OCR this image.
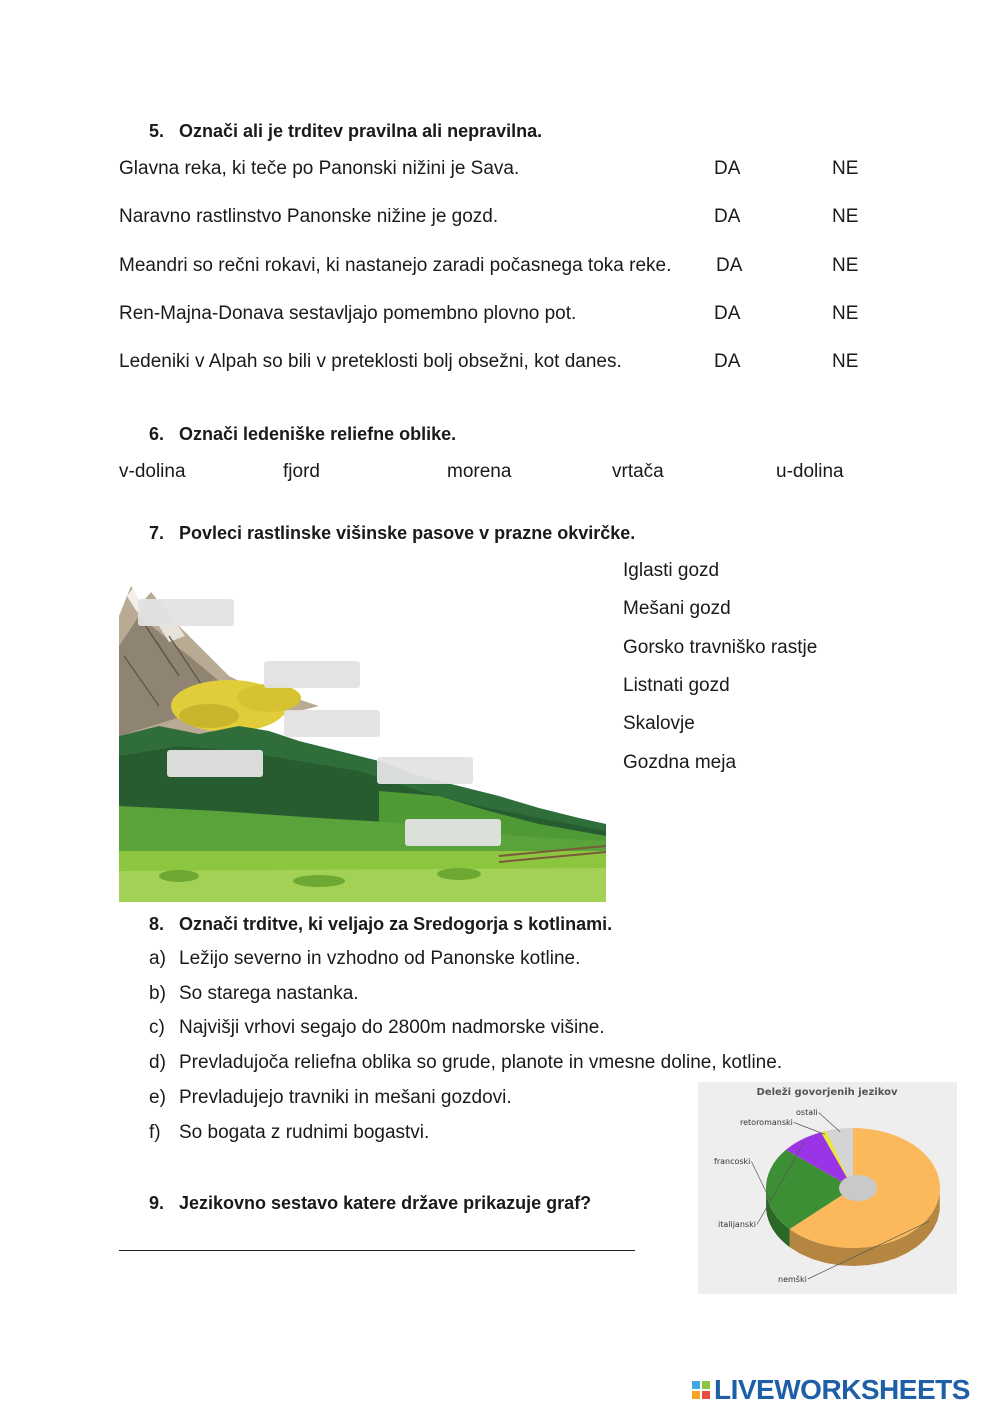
5. Označi ali je trditev pravilna ali nepravilna.
Glavna reka, ki teče po Panonski nižini je Sava.	DA	NE
Naravno rastlinstvo Panonske nižine je gozd.	DA	NE
Meandri so rečni rokavi, ki nastanejo zaradi počasnega toka reke. DA	NE
Ren-Majna-Donava sestavljajo pomembno plovno pot.	DA	NE
Ledeniki v Alpah so bili v preteklosti bolj obsežni, kot danes.	DA	NE
6. Označi ledeniške reliefne oblike.
v-dolina	fjord	morena	vrtača	u-dolina
7. Povleci rastlinske višinske pasove v prazne okvirčke.
Iglasti gozd
Mešani gozd
Gorsko travniško rastje
Listnati gozd
Skalovje
Gozdna meja
8. Označi trditve, ki veljajo za Sredogorja s kotlinami.
a) Ležijo severno in vzhodno od Panonske kotline.
b) So starega nastanka.
c) Najvišji vrhovi segajo do 2800m nadmorske višine.
d) Prevladujoča reliefna oblika so grude, planote in vmesne doline, kotline.
e) Prevladujejo travniki in mešani gozdovi.
f) So bogata z rudnimi bogastvi.
9. Jezikovno sestavo katere države prikazuje graf?
Deleži govorjenih jezikov
nemški
francoski
italijanski
retoromanski
ostali
LIVEWORKSHEETS
